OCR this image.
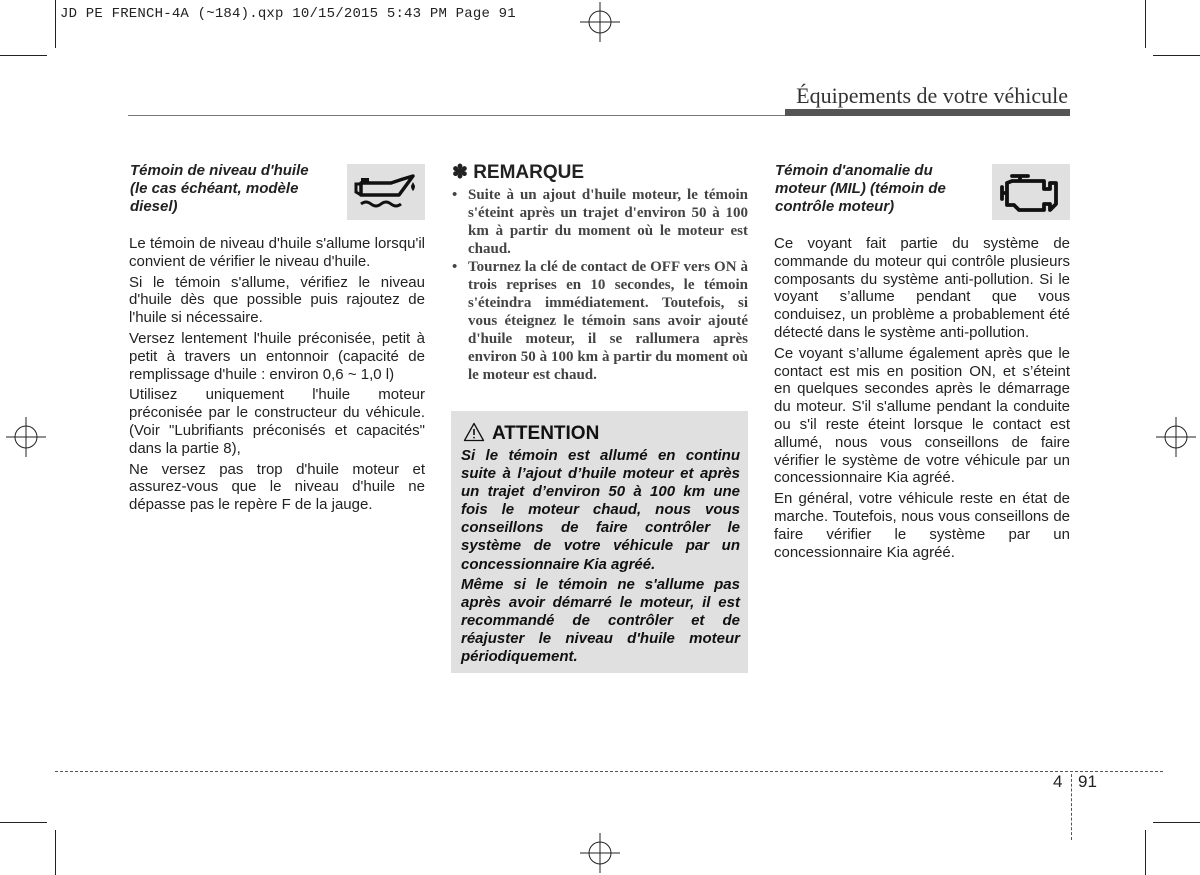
JD PE FRENCH-4A (~184).qxp 10/15/2015 5:43 PM Page 91
Équipements de votre véhicule
Témoin de niveau d'huile
(le cas échéant, modèle
diesel)

Le témoin de niveau d'huile s'allume lorsqu'il convient de vérifier le niveau d'huile.

Si le témoin s'allume, vérifiez le niveau d'huile dès que possible puis rajoutez de l'huile si nécessaire.

Versez lentement l'huile préconisée, petit à petit à travers un entonnoir (capacité de remplissage d'huile : environ 0,6 ~ 1,0 l)

Utilisez uniquement l'huile moteur préconisée par le constructeur du véhicule. (Voir "Lubrifiants préconisés et capacités" dans la partie 8),

Ne versez pas trop d'huile moteur et assurez-vous que le niveau d'huile ne dépasse pas le repère F de la jauge.

✽ REMARQUE
• Suite à un ajout d'huile moteur, le témoin s'éteint après un trajet d'environ 50 à 100 km à partir du moment où le moteur est chaud.
• Tournez la clé de contact de OFF vers ON à trois reprises en 10 secondes, le témoin s'éteindra immédiatement. Toutefois, si vous éteignez le témoin sans avoir ajouté d'huile moteur, il se rallumera après environ 50 à 100 km à partir du moment où le moteur est chaud.
ATTENTION

Si le témoin est allumé en continu suite à l’ajout d’huile moteur et après un trajet d’environ 50 à 100 km une fois le moteur chaud, nous vous conseillons de faire contrôler le système de votre véhicule par un concessionnaire Kia agréé.

Même si le témoin ne s'allume pas après avoir démarré le moteur, il est recommandé de contrôler et de réajuster le niveau d'huile moteur périodiquement.

Témoin d'anomalie du
moteur (MIL) (témoin de
contrôle moteur)

Ce voyant fait partie du système de commande du moteur qui contrôle plusieurs composants du système anti-pollution. Si le voyant s’allume pendant que vous conduisez, un problème a probablement été détecté dans le système anti-pollution.

Ce voyant s’allume également après que le contact est mis en position ON, et s’éteint en quelques secondes après le démarrage du moteur. S'il s'allume pendant la conduite ou s'il reste éteint lorsque le contact est allumé, nous vous conseillons de faire vérifier le système de votre véhicule par un concessionnaire Kia agréé.

En général, votre véhicule reste en état de marche. Toutefois, nous vous conseillons de faire vérifier le système par un concessionnaire Kia agréé.

4 91
